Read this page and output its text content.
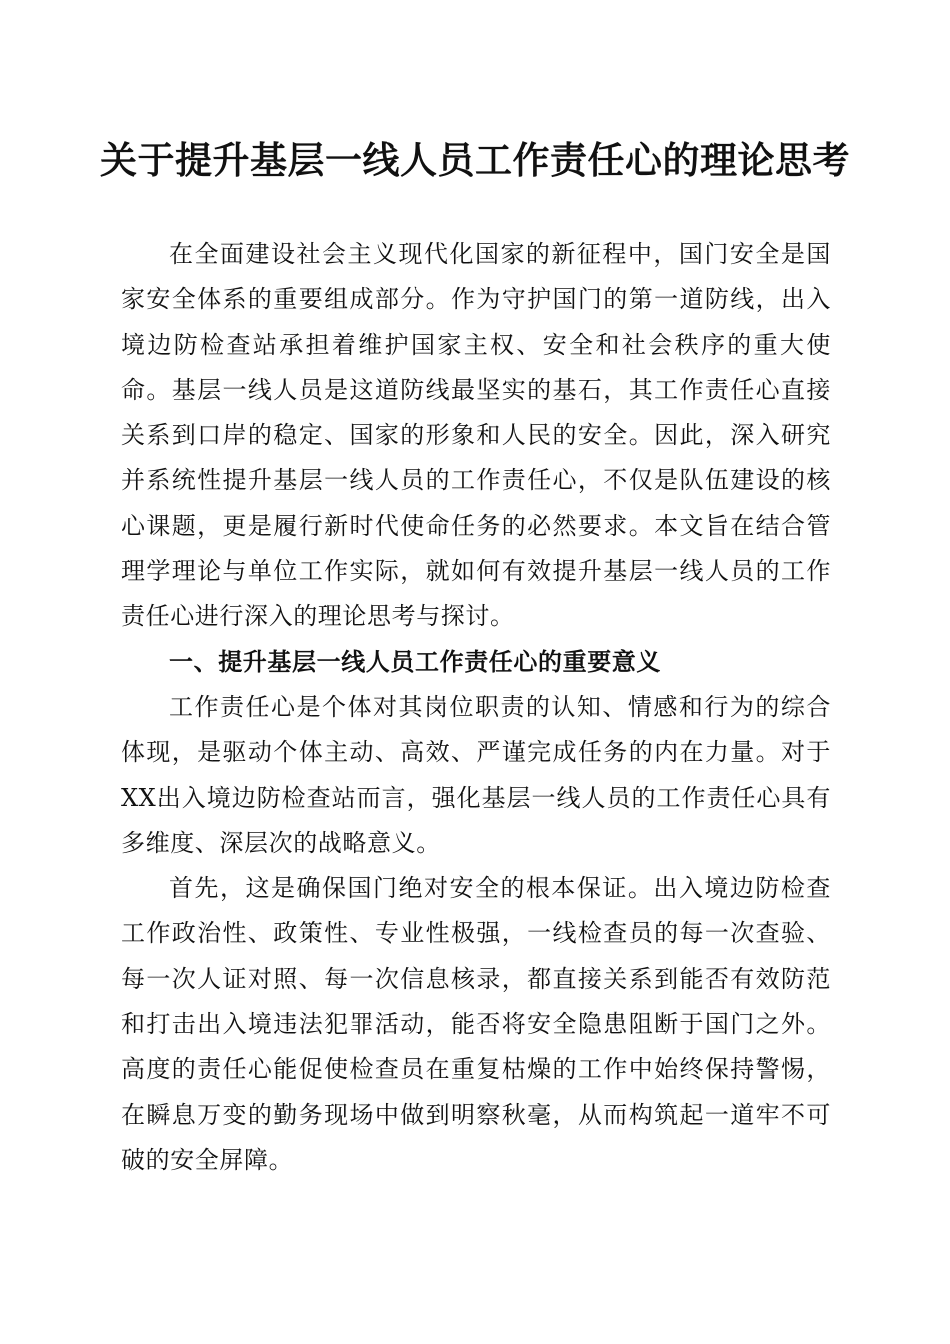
关于提升基层一线人员工作责任心的理论思考

在全面建设社会主义现代化国家的新征程中，国门安全是国家安全体系的重要组成部分。作为守护国门的第一道防线，出入境边防检查站承担着维护国家主权、安全和社会秩序的重大使命。基层一线人员是这道防线最坚实的基石，其工作责任心直接关系到口岸的稳定、国家的形象和人民的安全。因此，深入研究并系统性提升基层一线人员的工作责任心，不仅是队伍建设的核心课题，更是履行新时代使命任务的必然要求。本文旨在结合管理学理论与单位工作实际，就如何有效提升基层一线人员的工作责任心进行深入的理论思考与探讨。

一、提升基层一线人员工作责任心的重要意义

工作责任心是个体对其岗位职责的认知、情感和行为的综合体现，是驱动个体主动、高效、严谨完成任务的内在力量。对于XX出入境边防检查站而言，强化基层一线人员的工作责任心具有多维度、深层次的战略意义。

首先，这是确保国门绝对安全的根本保证。出入境边防检查工作政治性、政策性、专业性极强，一线检查员的每一次查验、每一次人证对照、每一次信息核录，都直接关系到能否有效防范和打击出入境违法犯罪活动，能否将安全隐患阻断于国门之外。高度的责任心能促使检查员在重复枯燥的工作中始终保持警惕，在瞬息万变的勤务现场中做到明察秋毫，从而构筑起一道牢不可破的安全屏障。
